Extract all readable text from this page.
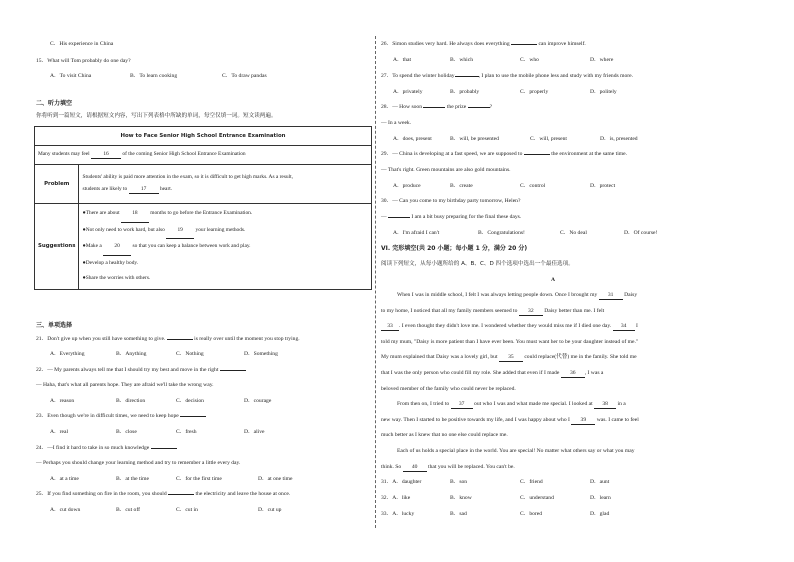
C．His experience in China
15．What will Tom probably do one day?
A．To visit China	B．To learn cooking	C．To draw pandas
二、听力填空
你将听到一篇短文，请根据短文内容，写出下列表格中所缺的单词，每空仅填一词。短文读两遍。
How to Face Senior High School Entrance Examination	
Many students may feel 16 of the coming Senior High School Entrance Examination	
Problem	Students' ability is paid more attention in the exam, so it is difficult to get high marks. As a result,
students are likely to 17 heart.

Suggestions	●There are about 18 months to go before the Entrance Examination.
●Not only need to work hard, but also 19 your learning methods.
●Make a 20 so that you can keep a balance between work and play.
●Develop a healthy body.
●Share the worries with others.
三、单项选择
21．Don't give up when you still have something to give.	is really over until the moment you stop trying.
A．Everything	B．Anything	C．Nothing	D．Something
22．— My parents always tell me that I should try my best and move in the right
— Haha, that's what all parents hope. They are afraid we'll take the wrong way.
A．reason	B．direction	C．decision	D．courage
23．Even though we're in difficult times, we need to keep hope
A．real	B．close	C．fresh	D．alive
24．—I find it hard to take in so much knowledge
— Perhaps you should change your learning method and try to remember a little every day.
A．at a time	B．at the time	C．for the first time	D．at one time
25．If you find something on fire in the room, you should	the electricity and leave the house at once.
A．cut down	B．cut off	C．cut in	D．cut up
26．Simon studies very hard. He always does everything	can improve himself.
A．that	B．which	C．who	D．where
27．To spend the winter holiday	, I plan to use the mobile phone less and study with my friends more.
A．privately	B．probably	C．properly	D．politely
28．— How soon	the prize	?
— In a week.
A．does, present	B．will, be presented	C．will, present	D．is, presented
29．— China is developing at a fast speed, we are supposed to	the environment at the same time.
— That's right. Green mountains are also gold mountains.
A．produce	B．create	C．control	D．protect
30．— Can you come to my birthday party tomorrow, Helen?
—	I am a bit busy preparing for the final these days.
A．I'm afraid I can't	B．Congratulations!	C．No deal	D．Of course!
VI. 完形填空(共 20 小题；每小题 1 分，满分 20 分)
阅读下列短文，从每小题所给的 A、B、C、D 四个选项中选出一个最佳选项。
A
When I was in middle school, I felt I was always letting people down. Once I brought my 31 Daisy
to my home, I noticed that all my family members seemed to 32 Daisy better than me. I felt
33 . I even thought they didn't love me. I wondered whether they would miss me if I died one day. 34 I
told my mum, "Daisy is more patient than I have ever been. You must want her to be your daughter instead of me."
My mum explained that Daisy was a lovely girl, but 35 could replace(代替) me in the family. She told me
that I was the only person who could fill my role. She added that even if I made 36 , I was a
beloved member of the family who could never be replaced.
From then on, I tried to 37 out who I was and what made me special. I looked at 38 in a
new way. Then I started to be positive towards my life, and I was happy about who I 39 was. I came to feel
much better as I knew that no one else could replace me.
Each of us holds a special place in the world. You are special! No matter what others say or what you may
think. So 40 that you will be replaced. You can't be.
31．A．daughter	B．son	C．friend	D．aunt
32．A．like	B．know	C．understand	D．learn
33．A．lucky	B．sad	C．bored	D．glad
